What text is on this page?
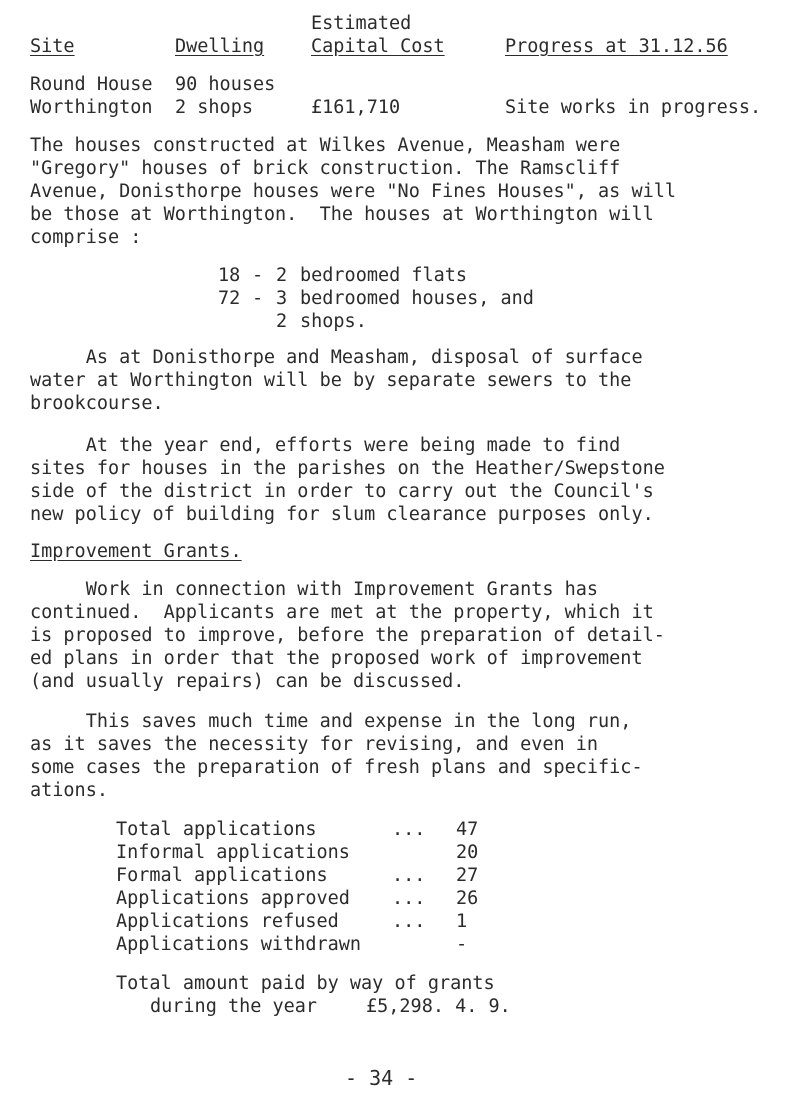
Estimated
Site	Dwelling	Capital Cost	Progress at 31.12.56
Round House 90 houses
Worthington 2 shops	£161,710	Site works in progress.
The houses constructed at Wilkes Avenue, Measham were
"Gregory" houses of brick construction. The Ramscliff
Avenue, Donisthorpe houses were "No Fines Houses", as will
be those at Worthington.  The houses at Worthington will
comprise :
18 - 2 bedroomed flats
72 - 3 bedroomed houses, and
2 shops.
As at Donisthorpe and Measham, disposal of surface
water at Worthington will be by separate sewers to the
brookcourse.
At the year end, efforts were being made to find
sites for houses in the parishes on the Heather/Swepstone
side of the district in order to carry out the Council's
new policy of building for slum clearance purposes only.
Improvement Grants.
Work in connection with Improvement Grants has
continued.  Applicants are met at the property, which it
is proposed to improve, before the preparation of detail-
ed plans in order that the proposed work of improvement
(and usually repairs) can be discussed.
This saves much time and expense in the long run,
as it saves the necessity for revising, and even in
some cases the preparation of fresh plans and specific-
ations.
Total applications	... 47
Informal applications	20
Formal applications	... 27
Applications approved ... 26
Applications refused	... 1
Applications withdrawn	-
Total amount paid by way of grants
during the year	£5,298. 4. 9.
- 34 -
